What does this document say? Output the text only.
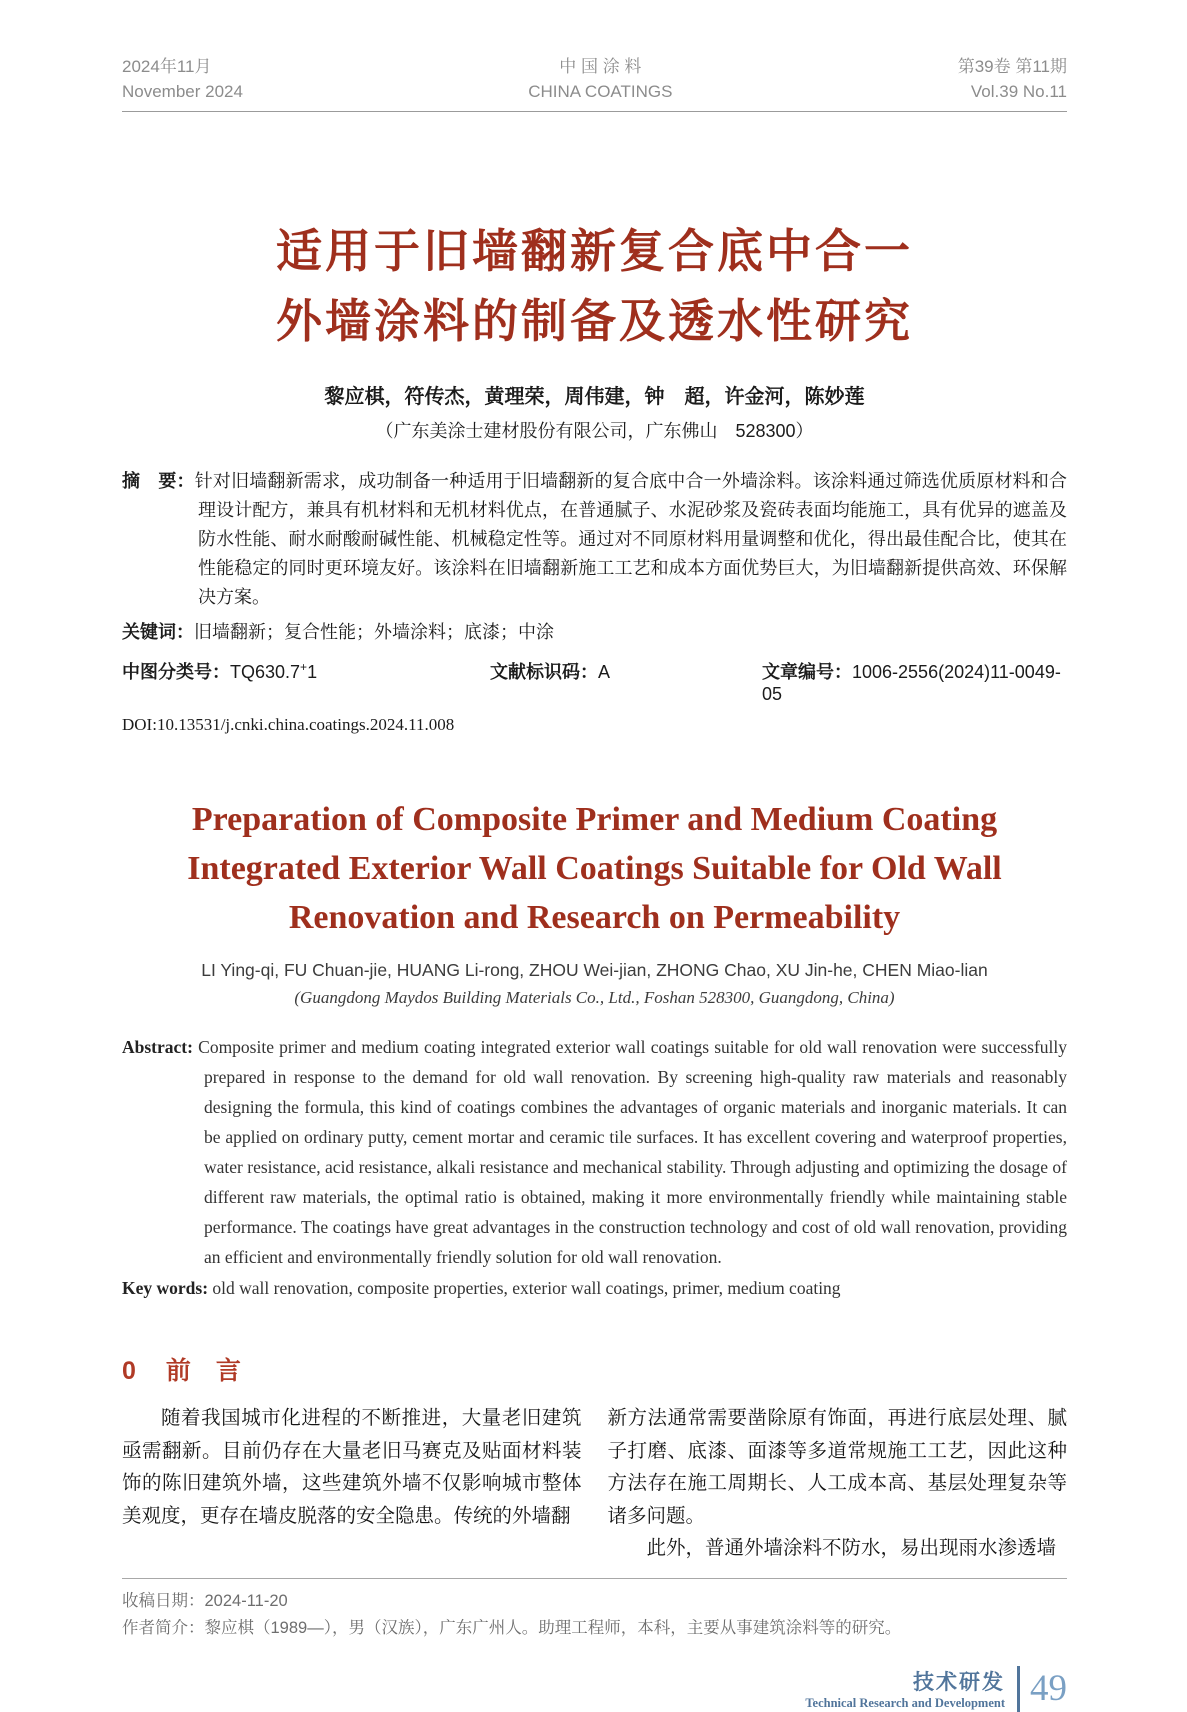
2024年11月
November 2024
中 国 涂 料
CHINA COATINGS
第39卷 第11期
Vol.39 No.11
适用于旧墙翻新复合底中合一
外墙涂料的制备及透水性研究
黎应棋，符传杰，黄理荣，周伟建，钟　超，许金河，陈妙莲
（广东美涂士建材股份有限公司，广东佛山　528300）

摘　要：针对旧墙翻新需求，成功制备一种适用于旧墙翻新的复合底中合一外墙涂料。该涂料通过筛选优质原材料和合理设计配方，兼具有机材料和无机材料优点，在普通腻子、水泥砂浆及瓷砖表面均能施工，具有优异的遮盖及防水性能、耐水耐酸耐碱性能、机械稳定性等。通过对不同原材料用量调整和优化，得出最佳配合比，使其在性能稳定的同时更环境友好。该涂料在旧墙翻新施工工艺和成本方面优势巨大，为旧墙翻新提供高效、环保解决方案。

关键词：旧墙翻新；复合性能；外墙涂料；底漆；中涂

中图分类号：TQ630.7+1	文献标识码：A	文章编号：1006-2556(2024)11-0049-05
DOI:10.13531/j.cnki.china.coatings.2024.11.008
Preparation of Composite Primer and Medium Coating
Integrated Exterior Wall Coatings Suitable for Old Wall
Renovation and Research on Permeability
LI Ying-qi, FU Chuan-jie, HUANG Li-rong, ZHOU Wei-jian, ZHONG Chao, XU Jin-he, CHEN Miao-lian
(Guangdong Maydos Building Materials Co., Ltd., Foshan 528300, Guangdong, China)

Abstract: Composite primer and medium coating integrated exterior wall coatings suitable for old wall renovation were successfully prepared in response to the demand for old wall renovation. By screening high-quality raw materials and reasonably designing the formula, this kind of coatings combines the advantages of organic materials and inorganic materials. It can be applied on ordinary putty, cement mortar and ceramic tile surfaces. It has excellent covering and waterproof properties, water resistance, acid resistance, alkali resistance and mechanical stability. Through adjusting and optimizing the dosage of different raw materials, the optimal ratio is obtained, making it more environmentally friendly while maintaining stable performance. The coatings have great advantages in the construction technology and cost of old wall renovation, providing an efficient and environmentally friendly solution for old wall renovation.

Key words: old wall renovation, composite properties, exterior wall coatings, primer, medium coating

0 前　言

随着我国城市化进程的不断推进，大量老旧建筑亟需翻新。目前仍存在大量老旧马赛克及贴面材料装饰的陈旧建筑外墙，这些建筑外墙不仅影响城市整体美观度，更存在墙皮脱落的安全隐患。传统的外墙翻

新方法通常需要凿除原有饰面，再进行底层处理、腻子打磨、底漆、面漆等多道常规施工工艺，因此这种方法存在施工周期长、人工成本高、基层处理复杂等诸多问题。

此外，普通外墙涂料不防水，易出现雨水渗透墙

收稿日期：2024-11-20
作者简介：黎应棋（1989—），男（汉族），广东广州人。助理工程师，本科，主要从事建筑涂料等的研究。
技术研发
Technical Research and Development 49
